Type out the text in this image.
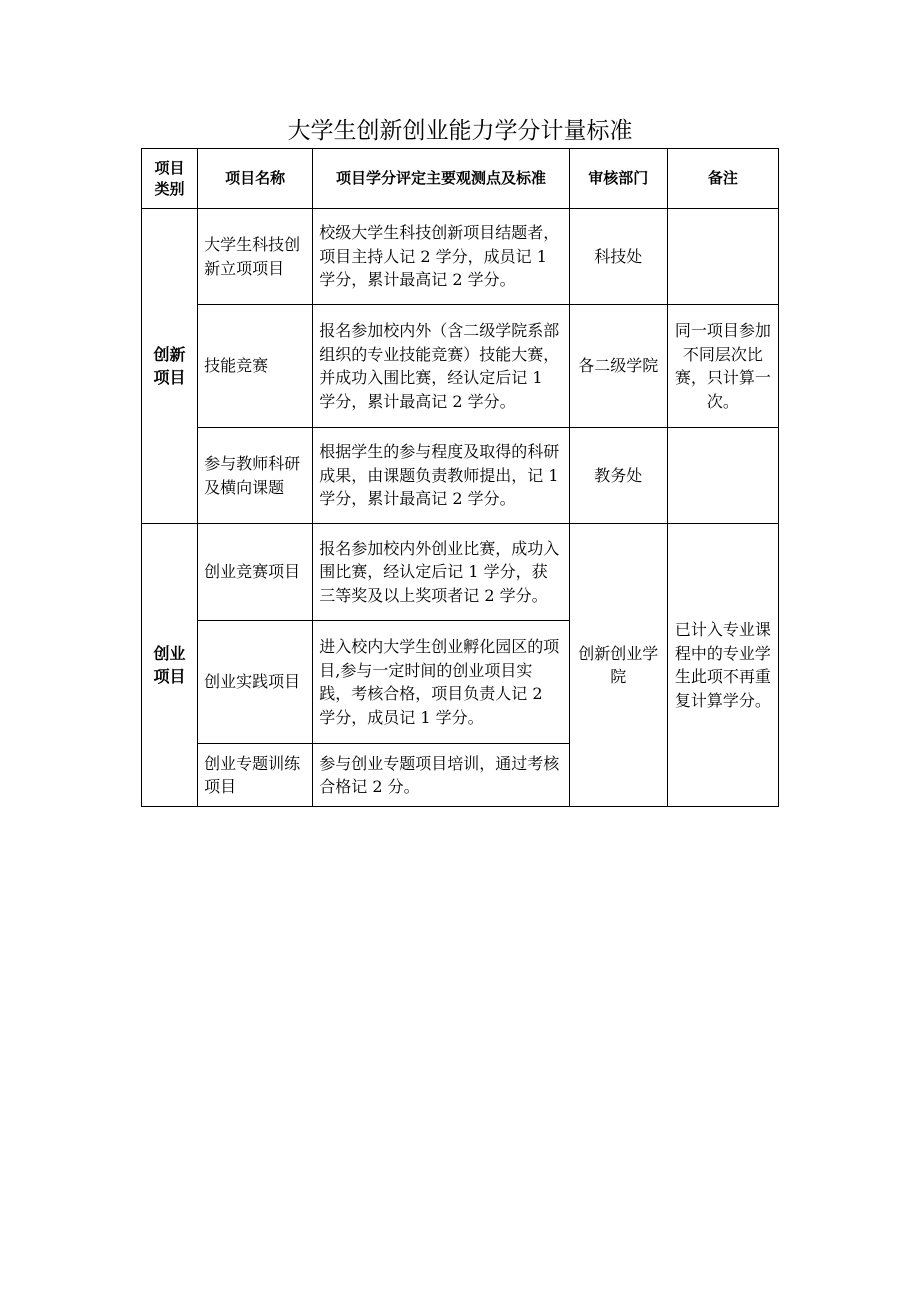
大学生创新创业能力学分计量标准
项目类别	项目名称	项目学分评定主要观测点及标准	审核部门	备注
创新项目	大学生科技创新立项项目	校级大学生科技创新项目结题者，项目主持人记 2 学分，成员记 1 学分，累计最高记 2 学分。	科技处	
	技能竞赛	报名参加校内外（含二级学院系部组织的专业技能竞赛）技能大赛，并成功入围比赛，经认定后记 1 学分，累计最高记 2 学分。	各二级学院	同一项目参加不同层次比赛，只计算一次。
	参与教师科研及横向课题	根据学生的参与程度及取得的科研成果，由课题负责教师提出，记 1 学分，累计最高记 2 学分。	教务处	
创业项目	创业竞赛项目	报名参加校内外创业比赛，成功入围比赛，经认定后记 1 学分，获三等奖及以上奖项者记 2 学分。	创新创业学院	已计入专业课程中的专业学生此项不再重复计算学分。
	创业实践项目	进入校内大学生创业孵化园区的项目,参与一定时间的创业项目实践，考核合格，项目负责人记 2 学分，成员记 1 学分。		
	创业专题训练项目	参与创业专题项目培训，通过考核合格记 2 分。		
